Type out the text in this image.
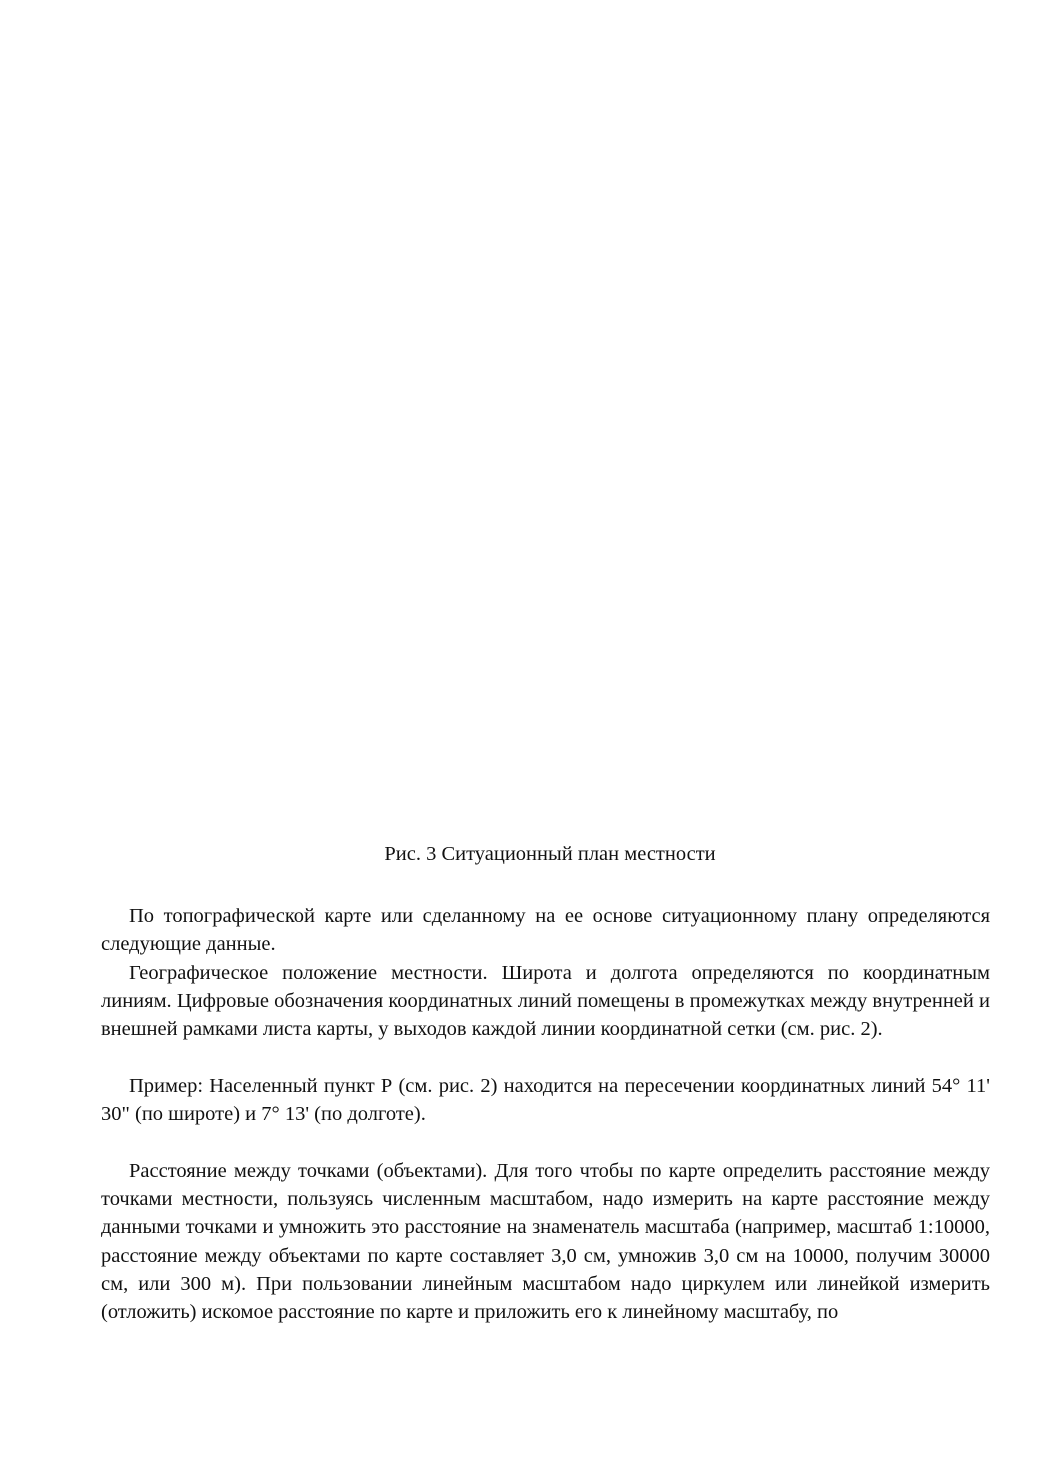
Рис. 3 Ситуационный план местности

По топографической карте или сделанному на ее основе ситуационному плану определяются следующие данные.

Географическое положение местности. Широта и долгота определяются по координатным линиям. Цифровые обозначения координатных линий помещены в промежутках между внутренней и внешней рамками листа карты, у выходов каждой линии координатной сетки (см. рис. 2).

Пример: Населенный пункт Р (см. рис. 2) находится на пересечении координатных линий 54° 11' 30" (по широте) и 7° 13' (по долготе).

Расстояние между точками (объектами). Для того чтобы по карте определить расстояние между точками местности, пользуясь численным масштабом, надо измерить на карте расстояние между данными точками и умножить это расстояние на знаменатель масштаба (например, масштаб 1:10000, расстояние между объектами по карте составляет 3,0 см, умножив 3,0 см на 10000, получим 30000 см, или 300 м). При пользовании линейным масштабом надо циркулем или линейкой измерить (отложить) искомое расстояние по карте и приложить его к линейному масштабу, по
